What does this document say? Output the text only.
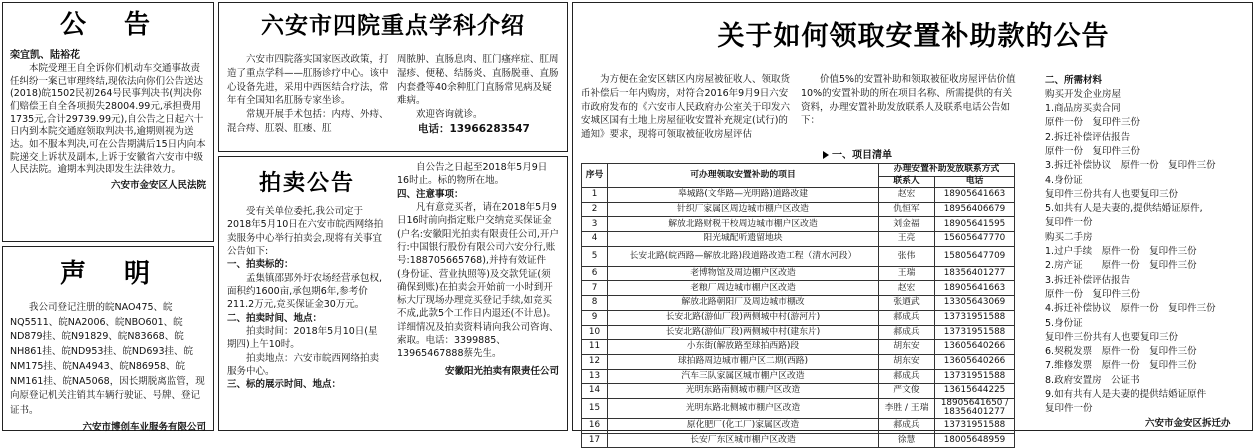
公　告
栾宜凯、陆裕花
本院受理王自全诉你们机动车交通事故责任纠纷一案已审理终结,现依法向你们公告送达(2018)皖1502民初264号民事判决书(判决你们赔偿王自全各项损失28004.99元,承担费用1735元,合计29739.99元),自公告之日起六十日内到本院交通庭领取判决书,逾期则视为送达。如不服本判决,可在公告期满后15日内向本院递交上诉状及副本,上诉于安徽省六安市中级人民法院。逾期本判决即发生法律效力。
六安市金安区人民法院
声　明
我公司登记注册的皖NAO475、皖NQ5511、皖NA2006、皖NBO601、皖ND879挂、皖N91829、皖N83668、皖NH861挂、皖ND953挂、皖ND693挂、皖NM175挂、皖NA4943、皖N86958、皖NM161挂、皖NA5068，因长期脱离监管，现向原登记机关注销其车辆行驶证、号牌、登记证书。
六安市博创车业服务有限公司
六安市四院重点学科介绍
六安市四院落实国家医改政策，打造了重点学科——肛肠诊疗中心。该中心设备先进，采用中西医结合疗法，常年有全国知名肛肠专家坐诊。
常规开展手术包括：内痔、外痔、混合痔、肛裂、肛瘘、肛
周脓肿、直肠息肉、肛门瘙痒症、肛周湿疹、便秘、结肠炎、直肠脱垂、直肠内套叠等40余种肛门直肠常见病及疑难病。
欢迎咨询就诊。
电话：13966283547
拍卖公告
受有关单位委托,我公司定于2018年5月10日在六安市皖西网络拍卖服务中心举行拍卖会,现将有关事宜公告如下:
一、拍卖标的：
孟集镇邵郢外圩农场经营承包权,面积约1600亩,承包期6年,参考价211.2万元,竞买保证金30万元。
二、拍卖时间、地点：
拍卖时间：2018年5月10日(星期四)上午10时。
拍卖地点：六安市皖西网络拍卖服务中心。
三、标的展示时间、地点：
自公告之日起至2018年5月9日16时止。标的物所在地。
四、注意事项：
凡有意竞买者，请在2018年5月9日16时前向指定账户交纳竞买保证金(户名:安徽阳光拍卖有限责任公司,开户行:中国银行股份有限公司六安分行,账号:188705665768),并持有效证件(身份证、营业执照等)及交款凭证(须确保到账)在拍卖会开始前一小时到开标大厅现场办理竞买登记手续,如竞买不成,此款5个工作日内退还(不计息)。详细情况及拍卖资料请向我公司咨询、索取。电话：3399885、13965467888蔡先生。
安徽阳光拍卖有限责任公司
关于如何领取安置补助款的公告
为方便在金安区辖区内房屋被征收人、领取货币补偿后一年内购房，对符合2016年9月9日六安市政府发布的《六安市人民政府办公室关于印发六安城区国有土地上房屋征收安置补充规定(试行)的通知》要求，现将可领取被征收房屋评估
价值5%的安置补助和领取被征收房屋评估价值10%的安置补助的所在项目名称、所需提供的有关资料，办理安置补助发放联系人及联系电话公告如下：
一、项目清单
序号	可办理领取安置补助的项目	办理安置补助发放联系方式	
		联系人	电话
1	皋城路(文华路—光明路)道路改建	赵宏	18905641663
2	针织厂家属区周边城市棚户区改造	仇恒军	18956406679
3	解放北路财税干校周边城市棚户区改造	刘金福	18905641595
4	阳光城配听遗留地块	王亮	15605647770
5	长安北路(皖西路—解放北路)段道路改造工程（清水河段）	张伟	15805647709
6	老博物馆及周边棚户区改造	王瑞	18356401277
7	老粮厂周边城市棚户区改造	赵宏	18905641663
8	解放北路朝阳厂及周边城市棚改	张迺武	13305643069
9	长安北路(游仙厂段)两侧城中村(游河片)	郝成兵	13731951588
10	长安北路(游仙厂段)两侧城中村(建东片)	郝成兵	13731951588
11	小东街(解放路至球拍西路)段	胡东安	13605640266
12	球拍路周边城市棚户区二期(西路)	胡东安	13605640266
13	汽车三队家属区城市棚户区改造	郝成兵	13731951588
14	光明东路南侧城市棚户区改造	严文俊	13615644225
15	光明东路北侧城市棚户区改造	李胜 / 王瑞	18905641650 / 18356401277
16	原化肥厂(化工厂)家属区改造	郝成兵	13731951588
17	长安厂东区城市棚户区改造	徐慧	18005648959
二、所需材料
购买开发企业房屋
1.商品房买卖合同
原件一份　复印件三份
2.拆迁补偿评估报告
原件一份　复印件三份
3.拆迁补偿协议　原件一份　复印件三份
4.身份证
复印件三份共有人也要复印三份
5.如共有人是夫妻的,提供结婚证原件,
复印件一份
购买二手房
1.过户手续　原件一份　复印件三份
2.房产证　　原件一份　复印件三份
3.拆迁补偿评估报告
原件一份　复印件三份
4.拆迁补偿协议　原件一份　复印件三份
5.身份证
复印件三份共有人也要复印三份
6.契税发票　原件一份　复印件三份
7.维修发票　原件一份　复印件三份
8.政府安置房　公证书
9.如有共有人是夫妻的提供结婚证原件
复印件一份
六安市金安区拆迁办
